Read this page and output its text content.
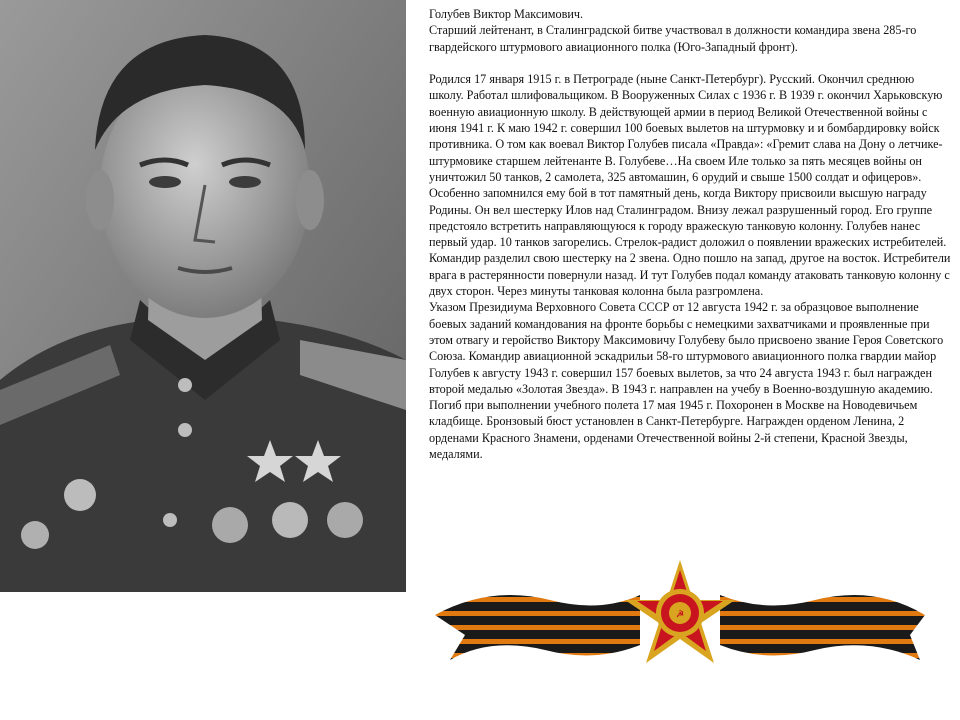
Голубев Виктор Максимович.

Старший лейтенант, в Сталинградской битве участвовал в должности командира звена 285-го гвардейского штурмового авиационного полка (Юго-Западный фронт).

Родился 17 января 1915 г. в Петрограде (ныне Санкт-Петербург). Русский. Окончил среднюю школу. Работал шлифовальщиком. В Вооруженных Силах с 1936 г. В 1939 г. окончил Харьковскую военную авиационную школу. В действующей армии в период Великой Отечественной войны с июня 1941 г. К маю 1942 г. совершил 100 боевых вылетов на штурмовку и и бомбардировку войск противника. О том как воевал Виктор Голубев писала «Правда»: «Гремит слава на Дону о летчике-штурмовике старшем лейтенанте В. Голубеве…На своем Иле только за пять месяцев войны он уничтожил 50 танков, 2 самолета, 325 автомашин, 6 орудий и свыше 1500 солдат и офицеров». Особенно запомнился ему бой в тот памятный день, когда Виктору присвоили высшую награду Родины. Он вел шестерку Илов над Сталинградом. Внизу лежал разрушенный город. Его группе предстояло встретить направляющуюся к городу вражескую танковую колонну. Голубев нанес первый удар. 10 танков загорелись. Стрелок-радист доложил о появлении вражеских истребителей. Командир разделил свою шестерку на 2 звена. Одно пошло на запад, другое на восток. Истребители врага в растерянности повернули назад. И тут Голубев подал команду атаковать танковую колонну с двух сторон. Через минуты танковая колонна была разгромлена.

Указом Президиума Верховного Совета СССР от 12 августа 1942 г. за образцовое выполнение боевых заданий командования на фронте борьбы с немецкими захватчиками и проявленные при этом отвагу и геройство Виктору Максимовичу Голубеву было присвоено звание Героя Советского Союза. Командир авиационной эскадрильи 58-го штурмового авиационного полка гвардии майор Голубев к августу 1943 г. совершил 157 боевых вылетов, за что 24 августа 1943 г. был награжден второй медалью «Золотая Звезда». В 1943 г. направлен на учебу в Военно-воздушную академию. Погиб при выполнении учебного полета 17 мая 1945 г. Похоронен в Москве на Новодевичьем кладбище. Бронзовый бюст установлен в Санкт-Петербурге. Награжден орденом Ленина, 2 орденами Красного Знамени, орденами Отечественной войны 2-й степени, Красной Звезды, медалями.

☭
